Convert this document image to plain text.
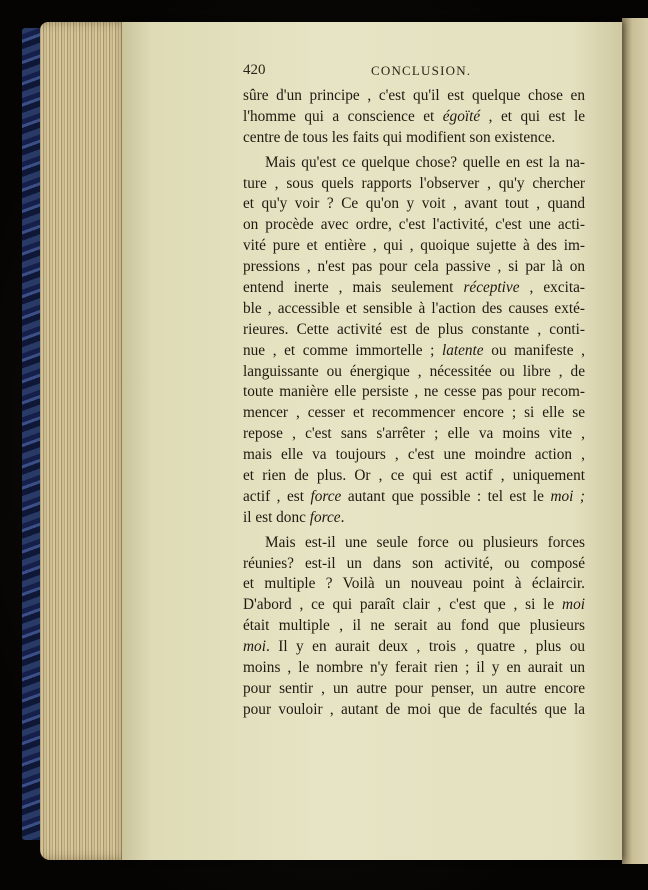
420	CONCLUSION.
sûre d'un principe , c'est qu'il est quelque chose en
l'homme qui a conscience et égoïté , et qui est le
centre de tous les faits qui modifient son existence.
Mais qu'est ce quelque chose? quelle en est la na-
ture , sous quels rapports l'observer , qu'y chercher
et qu'y voir ? Ce qu'on y voit , avant tout , quand
on procède avec ordre, c'est l'activité, c'est une acti-
vité pure et entière , qui , quoique sujette à des im-
pressions , n'est pas pour cela passive , si par là on
entend inerte , mais seulement réceptive , excita-
ble , accessible et sensible à l'action des causes exté-
rieures. Cette activité est de plus constante , conti-
nue , et comme immortelle ; latente ou manifeste ,
languissante ou énergique , nécessitée ou libre , de
toute manière elle persiste , ne cesse pas pour recom-
mencer , cesser et recommencer encore ; si elle se
repose , c'est sans s'arrêter ; elle va moins vite ,
mais elle va toujours , c'est une moindre action ,
et rien de plus. Or , ce qui est actif , uniquement
actif , est force autant que possible : tel est le moi ;
il est donc force.
Mais est-il une seule force ou plusieurs forces
réunies? est-il un dans son activité, ou composé
et multiple ? Voilà un nouveau point à éclaircir.
D'abord , ce qui paraît clair , c'est que , si le moi
était multiple , il ne serait au fond que plusieurs
moi. Il y en aurait deux , trois , quatre , plus ou
moins , le nombre n'y ferait rien ; il y en aurait un
pour sentir , un autre pour penser, un autre encore
pour vouloir , autant de moi que de facultés que la
